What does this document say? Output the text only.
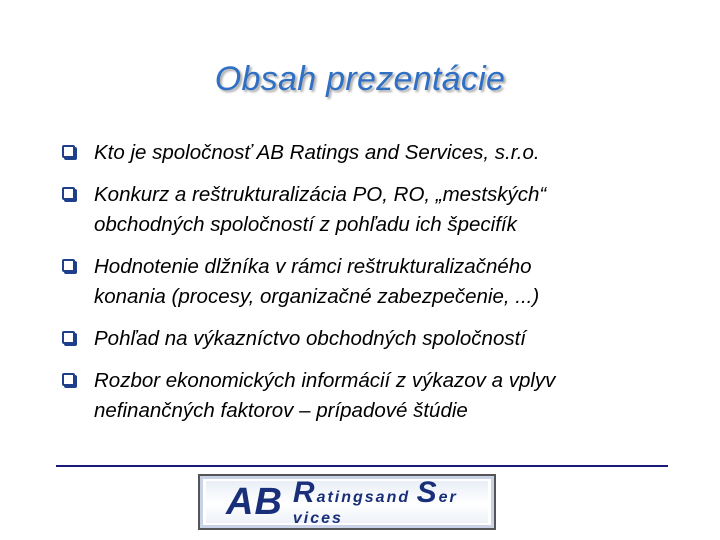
Obsah prezentácie
Kto je spoločnosť AB Ratings and Services, s.r.o.
Konkurz a reštrukturalizácia PO, RO, „mestských“
obchodných spoločností z pohľadu ich špecifík
Hodnotenie dlžníka v rámci reštrukturalizačného
konania (procesy, organizačné zabezpečenie, ...)
Pohľad na výkazníctvo obchodných spoločností
Rozbor ekonomických informácií z výkazov a vplyv
nefinančných faktorov – prípadové štúdie
AB Ratingsand Ser vices
